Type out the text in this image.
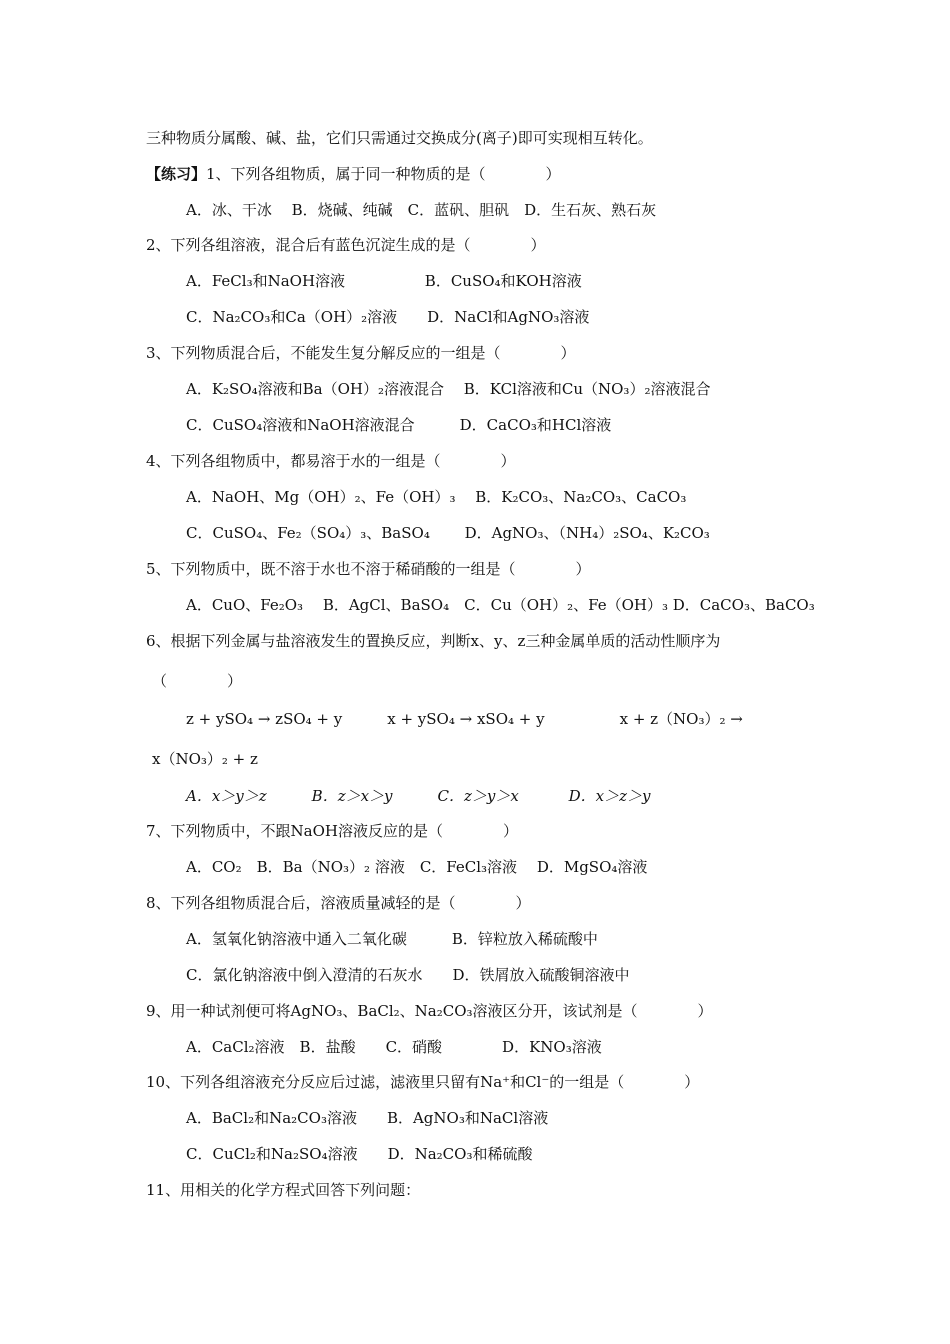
三种物质分属酸、碱、盐，它们只需通过交换成分(离子)即可实现相互转化。
【练习】1、下列各组物质，属于同一种物质的是（　　　　）
A．冰、干冰　 B．烧碱、纯碱　C．蓝矾、胆矾　D．生石灰、熟石灰
2、下列各组溶液，混合后有蓝色沉淀生成的是（　　　　）
A．FeCl₃和NaOH溶液　　　　　 B．CuSO₄和KOH溶液
C．Na₂CO₃和Ca（OH）₂溶液　　D．NaCl和AgNO₃溶液
3、下列物质混合后，不能发生复分解反应的一组是（　　　　）
A．K₂SO₄溶液和Ba（OH）₂溶液混合　 B．KCl溶液和Cu（NO₃）₂溶液混合
C．CuSO₄溶液和NaOH溶液混合　　　D．CaCO₃和HCl溶液
4、下列各组物质中，都易溶于水的一组是（　　　　）
A．NaOH、Mg（OH）₂、Fe（OH）₃　 B．K₂CO₃、Na₂CO₃、CaCO₃
C．CuSO₄、Fe₂（SO₄）₃、BaSO₄　　 D．AgNO₃、（NH₄）₂SO₄、K₂CO₃
5、下列物质中，既不溶于水也不溶于稀硝酸的一组是（　　　　）
A．CuO、Fe₂O₃　 B．AgCl、BaSO₄　C．Cu（OH）₂、Fe（OH）₃ D．CaCO₃、BaCO₃
6、根据下列金属与盐溶液发生的置换反应，判断x、y、z三种金属单质的活动性顺序为
（　　　　）
z + ySO₄ → zSO₄ + y　　　x + ySO₄ → xSO₄ + y　　　　　x + z（NO₃）₂ →
x（NO₃）₂ + z
A．x＞y＞z　　　B．z＞x＞y　　　C．z＞y＞x　　　 D．x＞z＞y
7、下列物质中，不跟NaOH溶液反应的是（　　　　）
A．CO₂　B．Ba（NO₃）₂ 溶液　C．FeCl₃溶液　 D．MgSO₄溶液
8、下列各组物质混合后，溶液质量减轻的是（　　　　）
A．氢氧化钠溶液中通入二氧化碳　　　B．锌粒放入稀硫酸中
C．氯化钠溶液中倒入澄清的石灰水　　D．铁屑放入硫酸铜溶液中
9、用一种试剂便可将AgNO₃、BaCl₂、Na₂CO₃溶液区分开，该试剂是（　　　　）
A．CaCl₂溶液　B．盐酸　　C．硝酸　　　　D．KNO₃溶液
10、下列各组溶液充分反应后过滤，滤液里只留有Na⁺和Cl⁻的一组是（　　　　）
A．BaCl₂和Na₂CO₃溶液　　B．AgNO₃和NaCl溶液
C．CuCl₂和Na₂SO₄溶液　　D．Na₂CO₃和稀硫酸
11、用相关的化学方程式回答下列问题：
